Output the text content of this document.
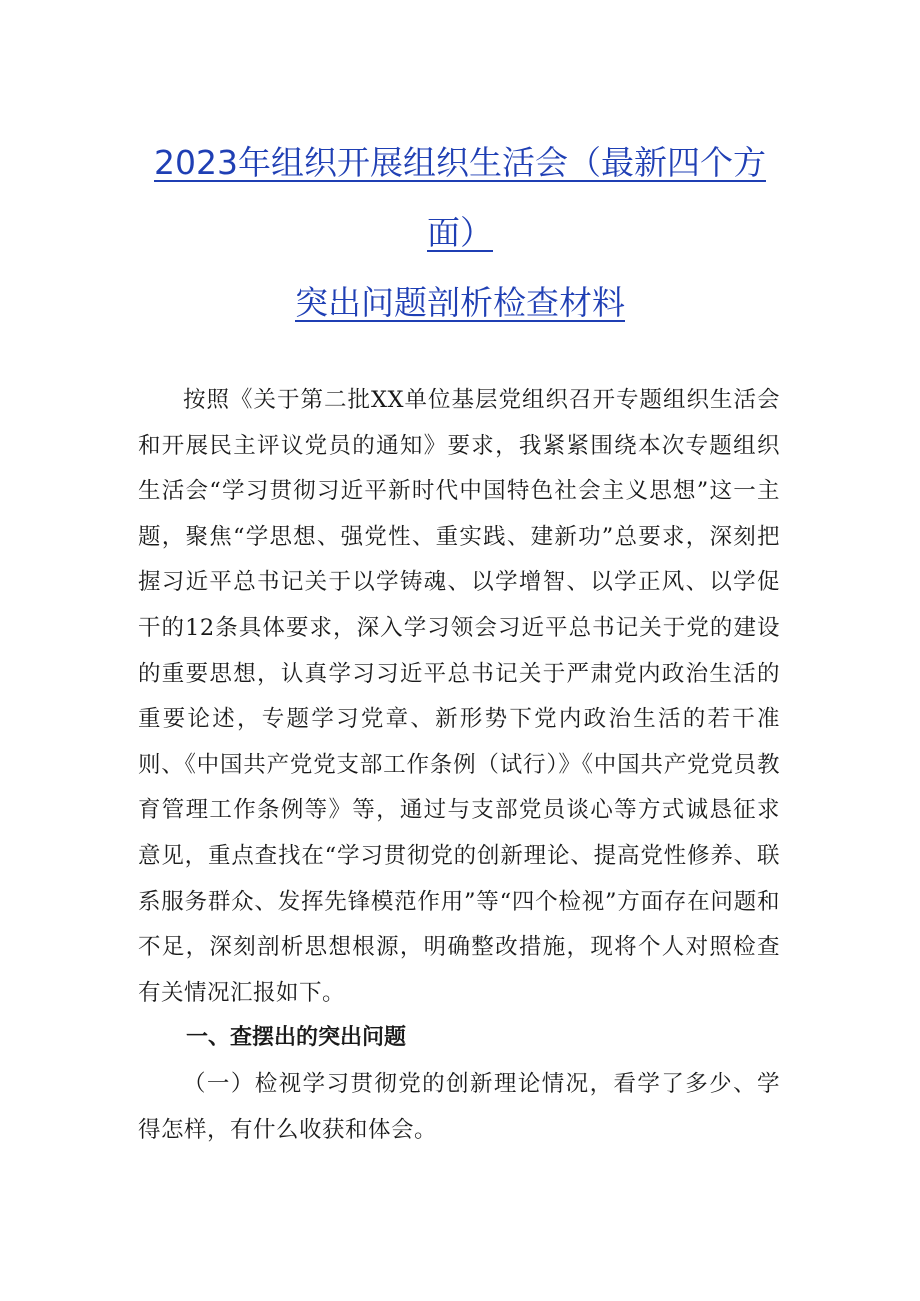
2023年组织开展组织生活会（最新四个方
面）
突出问题剖析检查材料

按照《关于第二批XX单位基层党组织召开专题组织生活会和开展民主评议党员的通知》要求，我紧紧围绕本次专题组织生活会“学习贯彻习近平新时代中国特色社会主义思想”这一主题，聚焦“学思想、强党性、重实践、建新功”总要求，深刻把握习近平总书记关于以学铸魂、以学增智、以学正风、以学促干的12条具体要求，深入学习领会习近平总书记关于党的建设的重要思想，认真学习习近平总书记关于严肃党内政治生活的重要论述，专题学习党章、新形势下党内政治生活的若干准则、《中国共产党党支部工作条例（试行）》《中国共产党党员教育管理工作条例等》等，通过与支部党员谈心等方式诚恳征求意见，重点查找在“学习贯彻党的创新理论、提高党性修养、联系服务群众、发挥先锋模范作用”等“四个检视”方面存在问题和不足，深刻剖析思想根源，明确整改措施，现将个人对照检查有关情况汇报如下。

一、查摆出的突出问题

（一）检视学习贯彻党的创新理论情况，看学了多少、学得怎样，有什么收获和体会。
